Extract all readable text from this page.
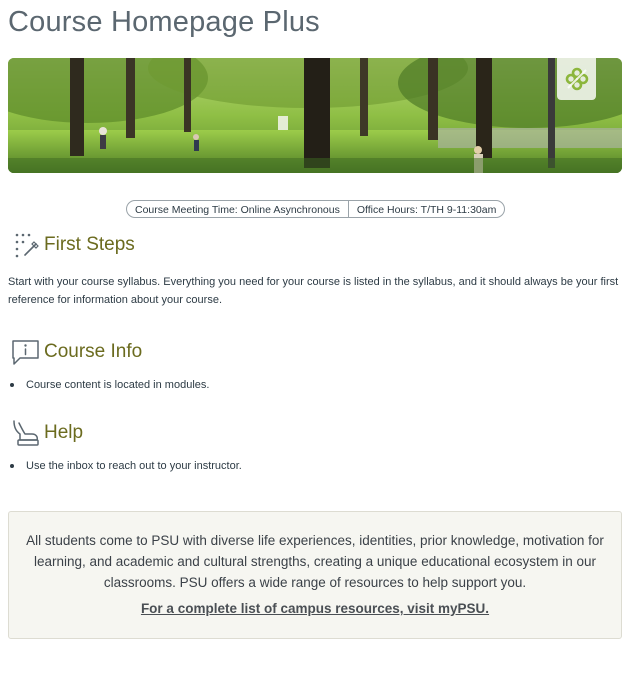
Course Homepage Plus
Course Meeting Time: Online Asynchronous	Office Hours: T/TH 9-11:30am
First Steps

Start with your course syllabus. Everything you need for your course is listed in the syllabus, and it should always be your first reference for information about your course.

Course Info
Course content is located in modules.
Help
Use the inbox to reach out to your instructor.

All students come to PSU with diverse life experiences, identities, prior knowledge, motivation for learning, and academic and cultural strengths, creating a unique educational ecosystem in our classrooms. PSU offers a wide range of resources to help support you.

For a complete list of campus resources, visit myPSU.
